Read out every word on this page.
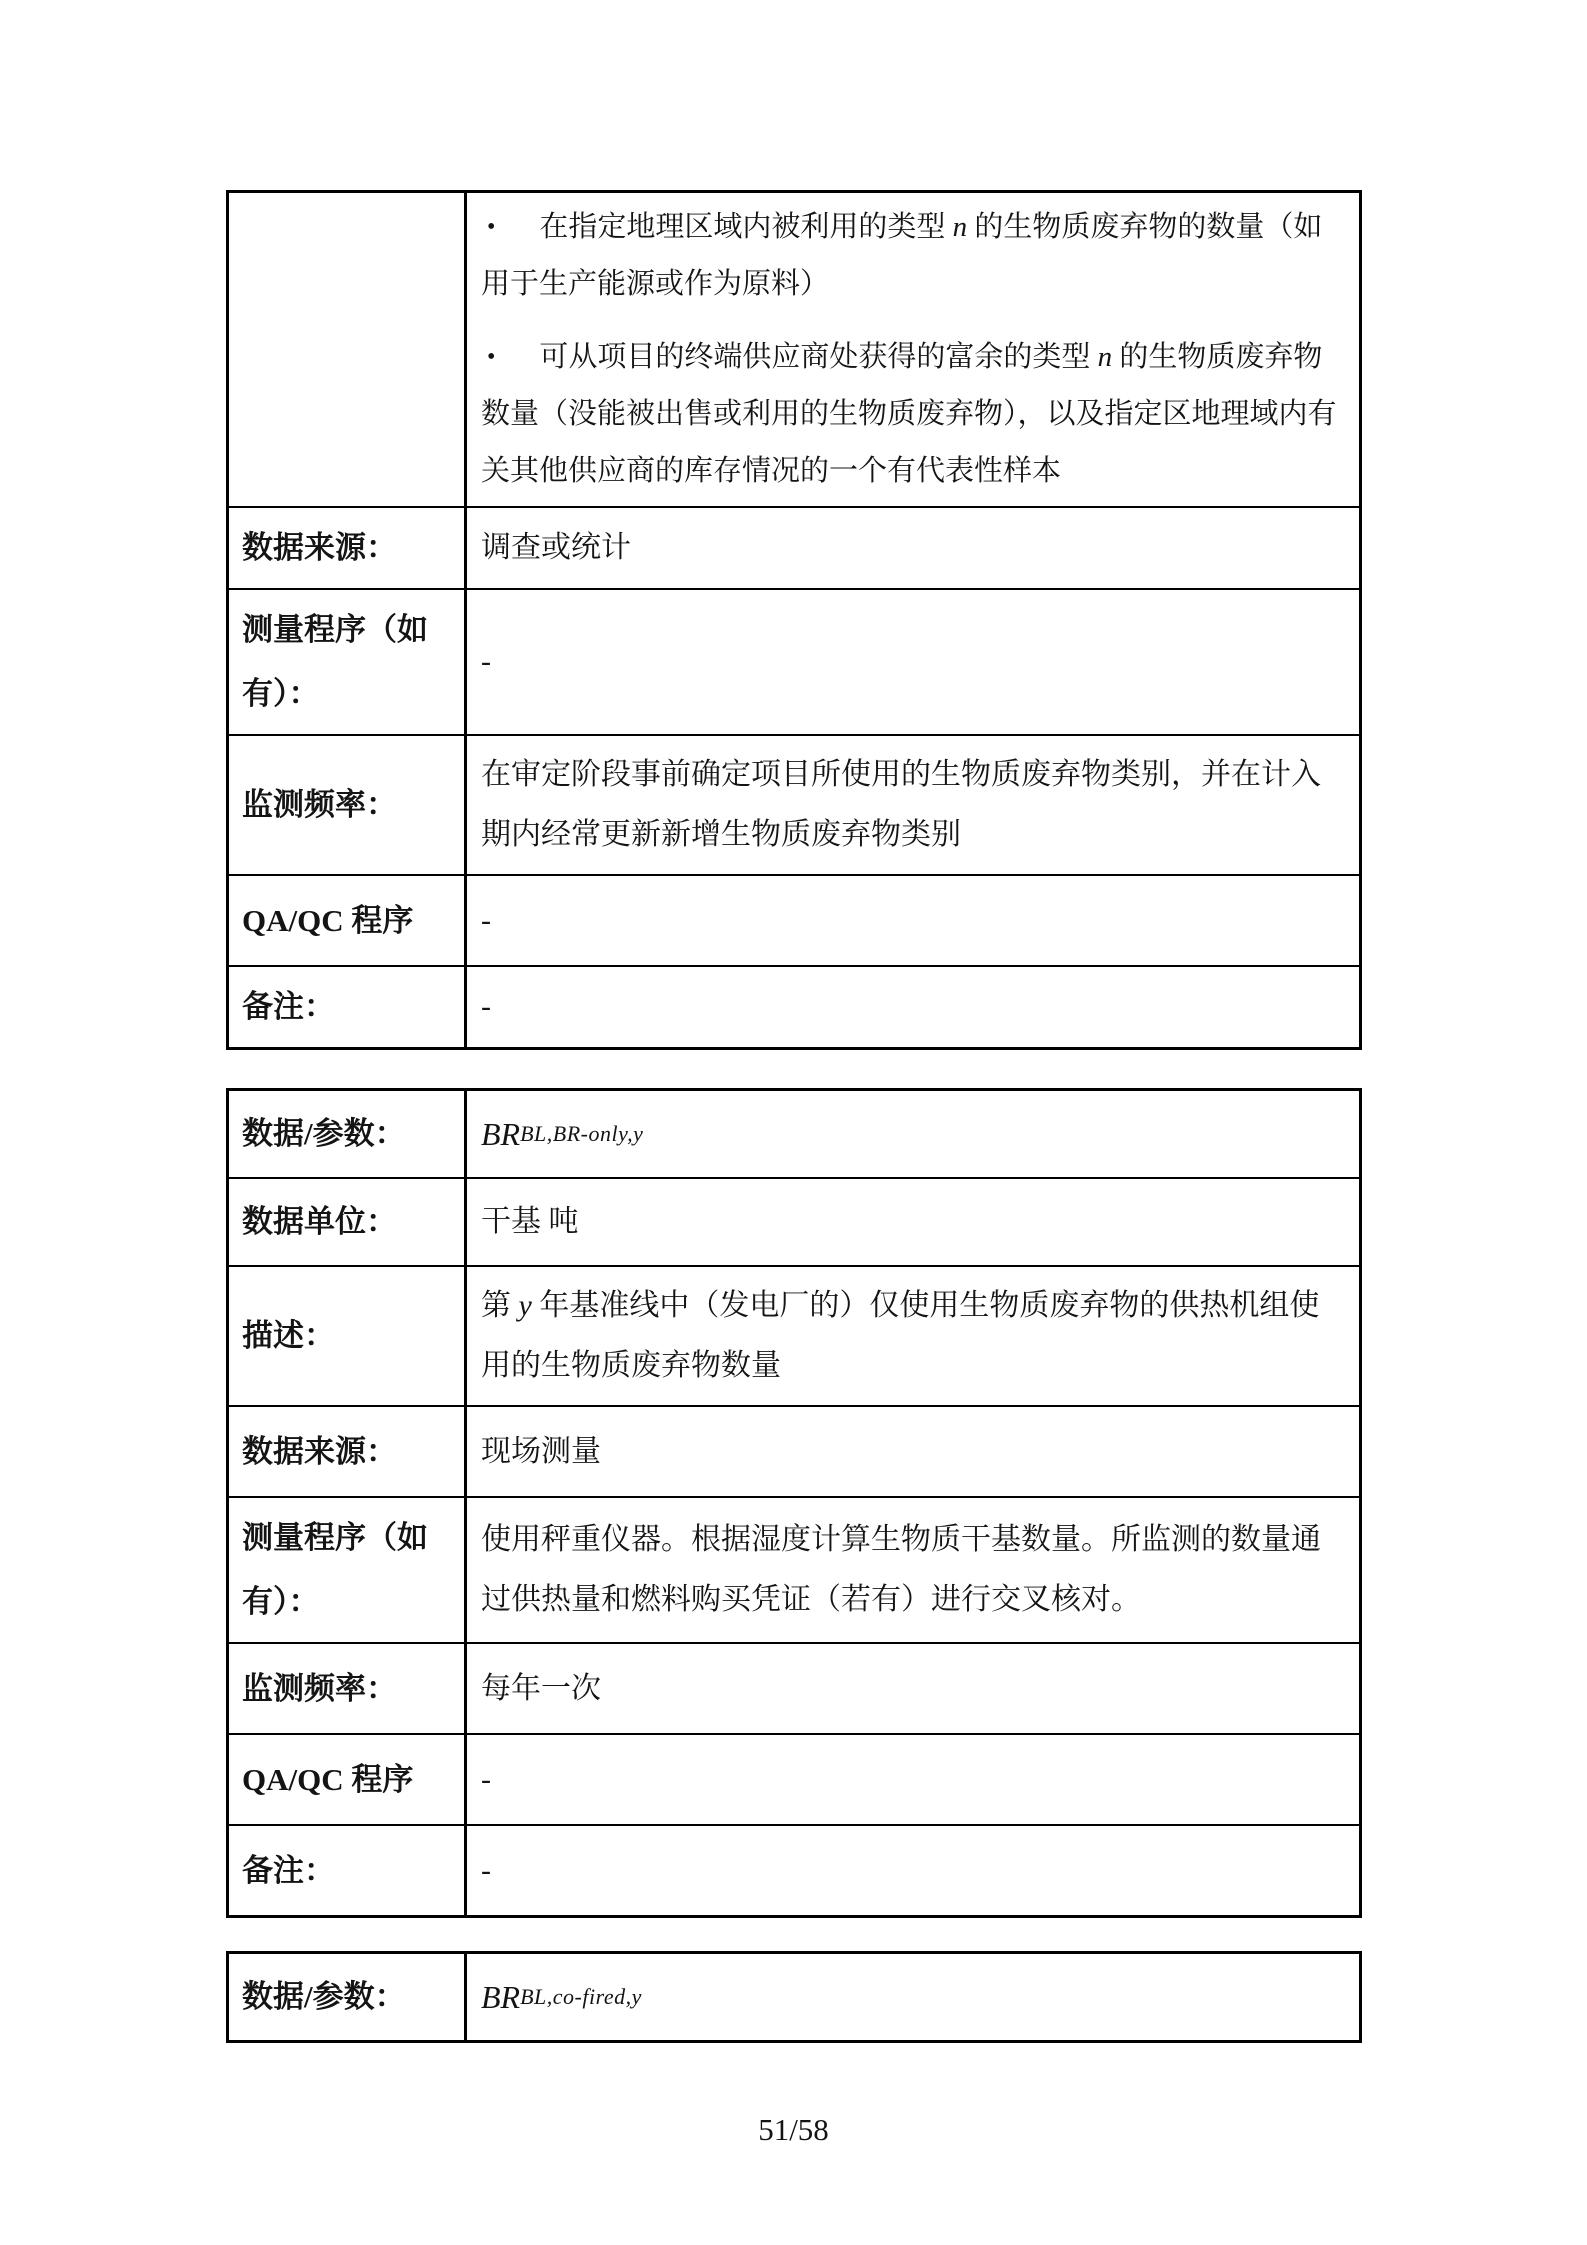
• 在指定地理区域内被利用的类型 n 的生物质废弃物的数量（如用于生产能源或作为原料）

• 可从项目的终端供应商处获得的富余的类型 n 的生物质废弃物数量（没能被出售或利用的生物质废弃物），以及指定区地理域内有关其他供应商的库存情况的一个有代表性样本

数据来源：	调查或统计
测量程序（如有）：
-
监测频率：
在审定阶段事前确定项目所使用的生物质废弃物类别，并在计入期内经常更新新增生物质废弃物类别
QA/QC 程序	-
备注：	-
数据/参数：	BR BL,BR-only,y
数据单位：	干基 吨
描述：
第 y 年基准线中（发电厂的）仅使用生物质废弃物的供热机组使用的生物质废弃物数量
数据来源：	现场测量
测量程序（如有）：
使用秤重仪器。根据湿度计算生物质干基数量。所监测的数量通过供热量和燃料购买凭证（若有）进行交叉核对。
监测频率：	每年一次
QA/QC 程序	-
备注：	-
数据/参数：	BR BL,co-fired,y
51/58
